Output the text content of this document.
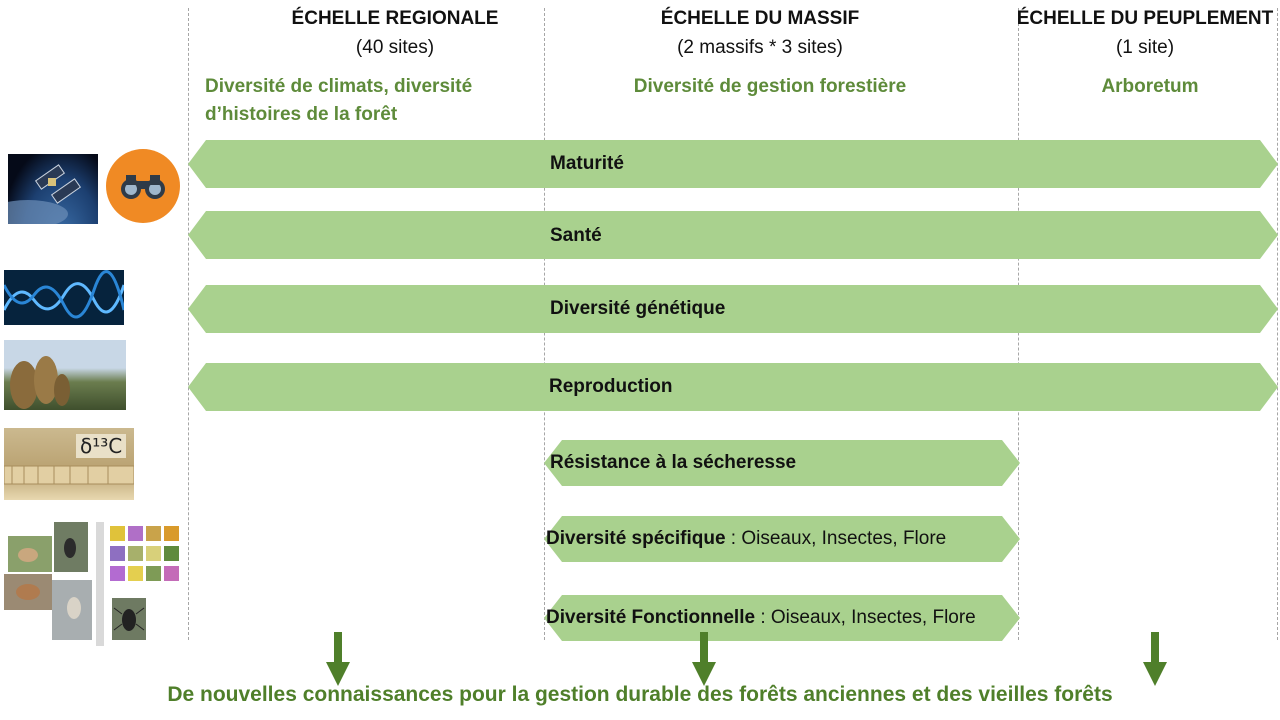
ÉCHELLE REGIONALE
(40 sites)
Diversité de climats, diversité
d’histoires de la forêt
ÉCHELLE DU MASSIF
(2 massifs * 3 sites)
Diversité de gestion forestière
ÉCHELLE DU PEUPLEMENT
(1 site)
Arboretum
Maturité
Santé
Diversité génétique
Reproduction
Résistance à la sécheresse
Diversité spécifique : Oiseaux, Insectes, Flore
Diversité Fonctionnelle : Oiseaux, Insectes, Flore
δ¹³C
De nouvelles connaissances pour la gestion durable des forêts anciennes et des vieilles forêts
